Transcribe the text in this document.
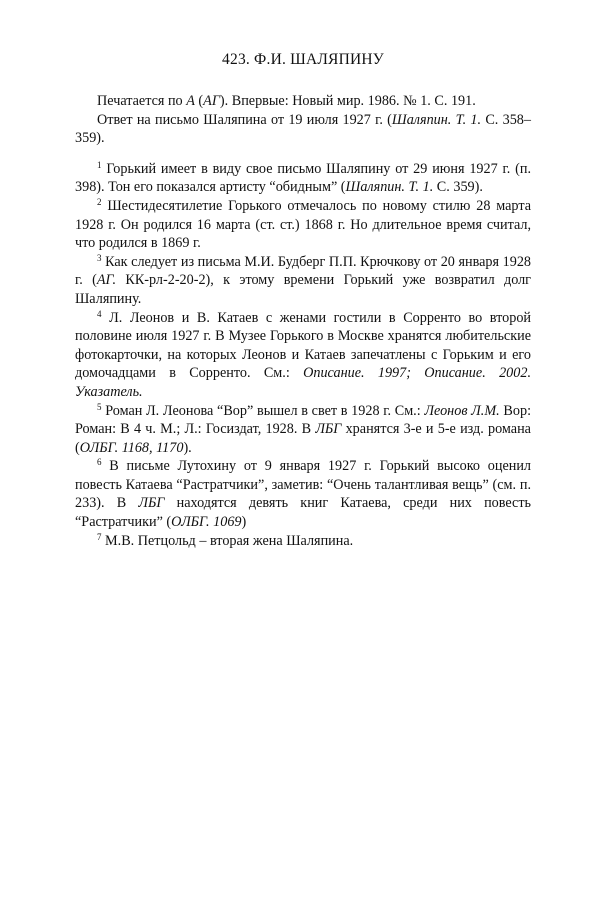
423. Ф.И. ШАЛЯПИНУ

Печатается по А (АГ). Впервые: Новый мир. 1986. № 1. С. 191.

Ответ на письмо Шаляпина от 19 июля 1927 г. (Шаляпин. Т. 1. С. 358–359).

$^1$ Горький имеет в виду свое письмо Шаляпину от 29 июня 1927 г. (п. 398). Тон его показался артисту “обидным” (Шаляпин. Т. 1. С. 359).

$^2$ Шестидесятилетие Горького отмечалось по новому стилю 28 марта 1928 г. Он родился 16 марта (ст. ст.) 1868 г. Но длительное время считал, что родился в 1869 г.

$^3$ Как следует из письма М.И. Будберг П.П. Крючкову от 20 января 1928 г. (АГ. КК-рл-2-20-2), к этому времени Горький уже возвратил долг Шаляпину.

$^4$ Л. Леонов и В. Катаев с женами гостили в Сорренто во второй половине июля 1927 г. В Музее Горького в Москве хранятся любительские фотокарточки, на которых Леонов и Катаев запечатлены с Горьким и его домочадцами в Сорренто. См.: Описание. 1997; Описание. 2002. Указатель.

$^5$ Роман Л. Леонова “Вор” вышел в свет в 1928 г. См.: Леонов Л.М. Вор: Роман: В 4 ч. М.; Л.: Госиздат, 1928. В ЛБГ хранятся 3-е и 5-е изд. романа (ОЛБГ. 1168, 1170).

$^6$ В письме Лутохину от 9 января 1927 г. Горький высоко оценил повесть Катаева “Растратчики”, заметив: “Очень талантливая вещь” (см. п. 233). В ЛБГ находятся девять книг Катаева, среди них повесть “Растратчики” (ОЛБГ. 1069)

$^7$ М.В. Петцольд – вторая жена Шаляпина.
